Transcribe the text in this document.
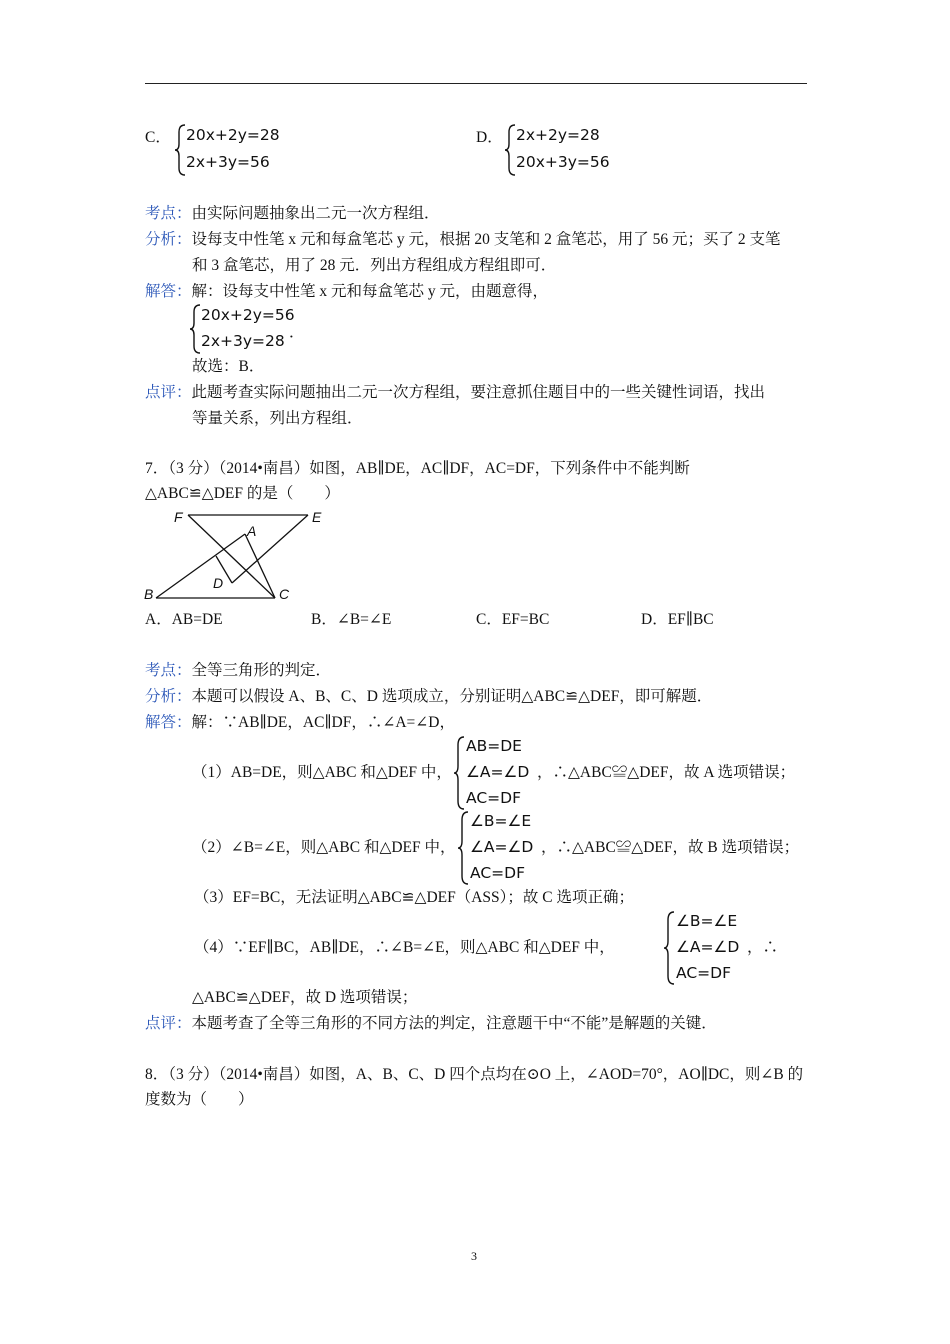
C． 20x+2y=28
2x+3y=56
D． 2x+2y=28
20x+3y=56
考点：由实际问题抽象出二元一次方程组．
分析：设每支中性笔 x 元和每盒笔芯 y 元，根据 20 支笔和 2 盒笔芯，用了 56 元；买了 2 支笔
和 3 盒笔芯，用了 28 元．列出方程组成方程组即可．
解答：解：设每支中性笔 x 元和每盒笔芯 y 元，由题意得，
20x+2y=56
2x+3y=28 ．
故选：B．
点评：此题考查实际问题抽出二元一次方程组，要注意抓住题目中的一些关键性词语，找出
等量关系，列出方程组．
7．（3 分）（2014•南昌）如图，AB∥DE，AC∥DF，AC=DF，下列条件中不能判断
△ABC≌△DEF 的是（　　）
F	E
A
D
B	C
A．AB=DE	B．∠B=∠E	C．EF=BC	D．EF∥BC
考点：全等三角形的判定．
分析：本题可以假设 A、B、C、D 选项成立，分别证明△ABC≌△DEF，即可解题．
解答：解：∵AB∥DE，AC∥DF，∴∠A=∠D，
（1）AB=DE，则△ABC 和△DEF 中，
AB=DE
∠A=∠D
AC=DF
，∴△ABC≌△DEF，故 A 选项错误；
（2）∠B=∠E，则△ABC 和△DEF 中，
∠B=∠E
∠A=∠D
AC=DF
，∴△ABC≌△DEF，故 B 选项错误；
（3）EF=BC，无法证明△ABC≌△DEF（ASS）；故 C 选项正确；
（4）∵EF∥BC，AB∥DE，∴∠B=∠E，则△ABC 和△DEF 中，
∠B=∠E
∠A=∠D
AC=DF
，∴
△ABC≌△DEF，故 D 选项错误；
点评：本题考查了全等三角形的不同方法的判定，注意题干中“不能”是解题的关键．
8．（3 分）（2014•南昌）如图，A、B、C、D 四个点均在⊙O 上，∠AOD=70°，AO∥DC，则∠B 的
度数为（　　）
3
